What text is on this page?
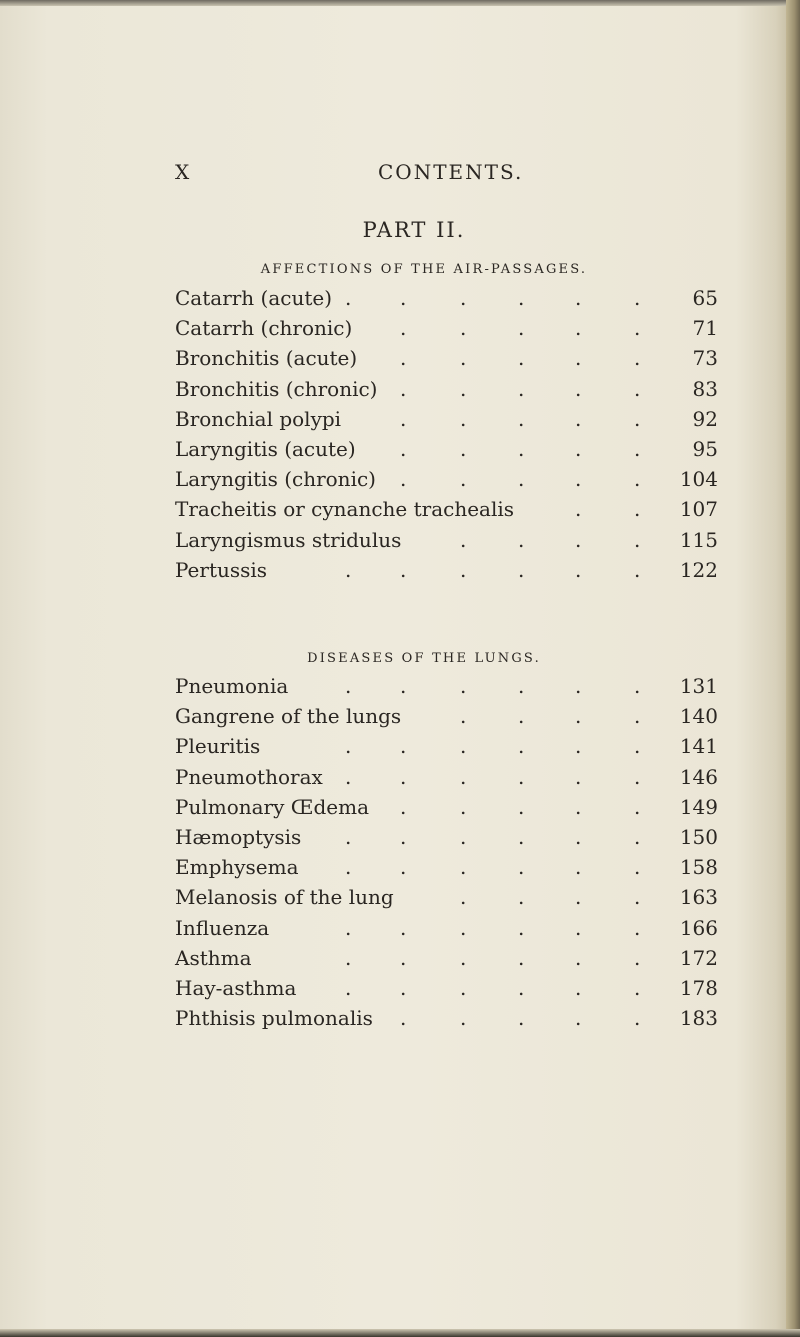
X	CONTENTS.
PART II.
AFFECTIONS OF THE AIR-PASSAGES.
Catarrh (acute) . .	.	.	.	.	65
Catarrh (chronic) .	.	.	.	.	71
Bronchitis (acute) .	.	.	.	.	73
Bronchitis (chronic) .	.	.	.	.	83
Bronchial polypi	.	.	.	.	.	92
Laryngitis (acute) .	.	.	.	.	95
Laryngitis (chronic) .	.	.	.	.	104
Tracheitis or cynanche trachealis	.	.	107
Laryngismus stridulus	.	.	.	.	115
Pertussis	. .	.	.	.	.	122
DISEASES OF THE LUNGS.
Pneumonia	. .	.	.	.	.	131
Gangrene of the lungs	.	.	.	.	140
Pleuritis	. .	.	.	.	.	141
Pneumothorax . .	.	.	.	.	146
Pulmonary Œdema .	.	.	.	.	149
Hæmoptysis . .	.	.	.	.	150
Emphysema . .	.	.	.	.	158
Melanosis of the lung	.	.	.	.	163
Influenza	. .	.	.	.	.	166
Asthma	. .	.	.	.	.	172
Hay-asthma . .	.	.	.	.	178
Phthisis pulmonalis .	.	.	.	.	183
